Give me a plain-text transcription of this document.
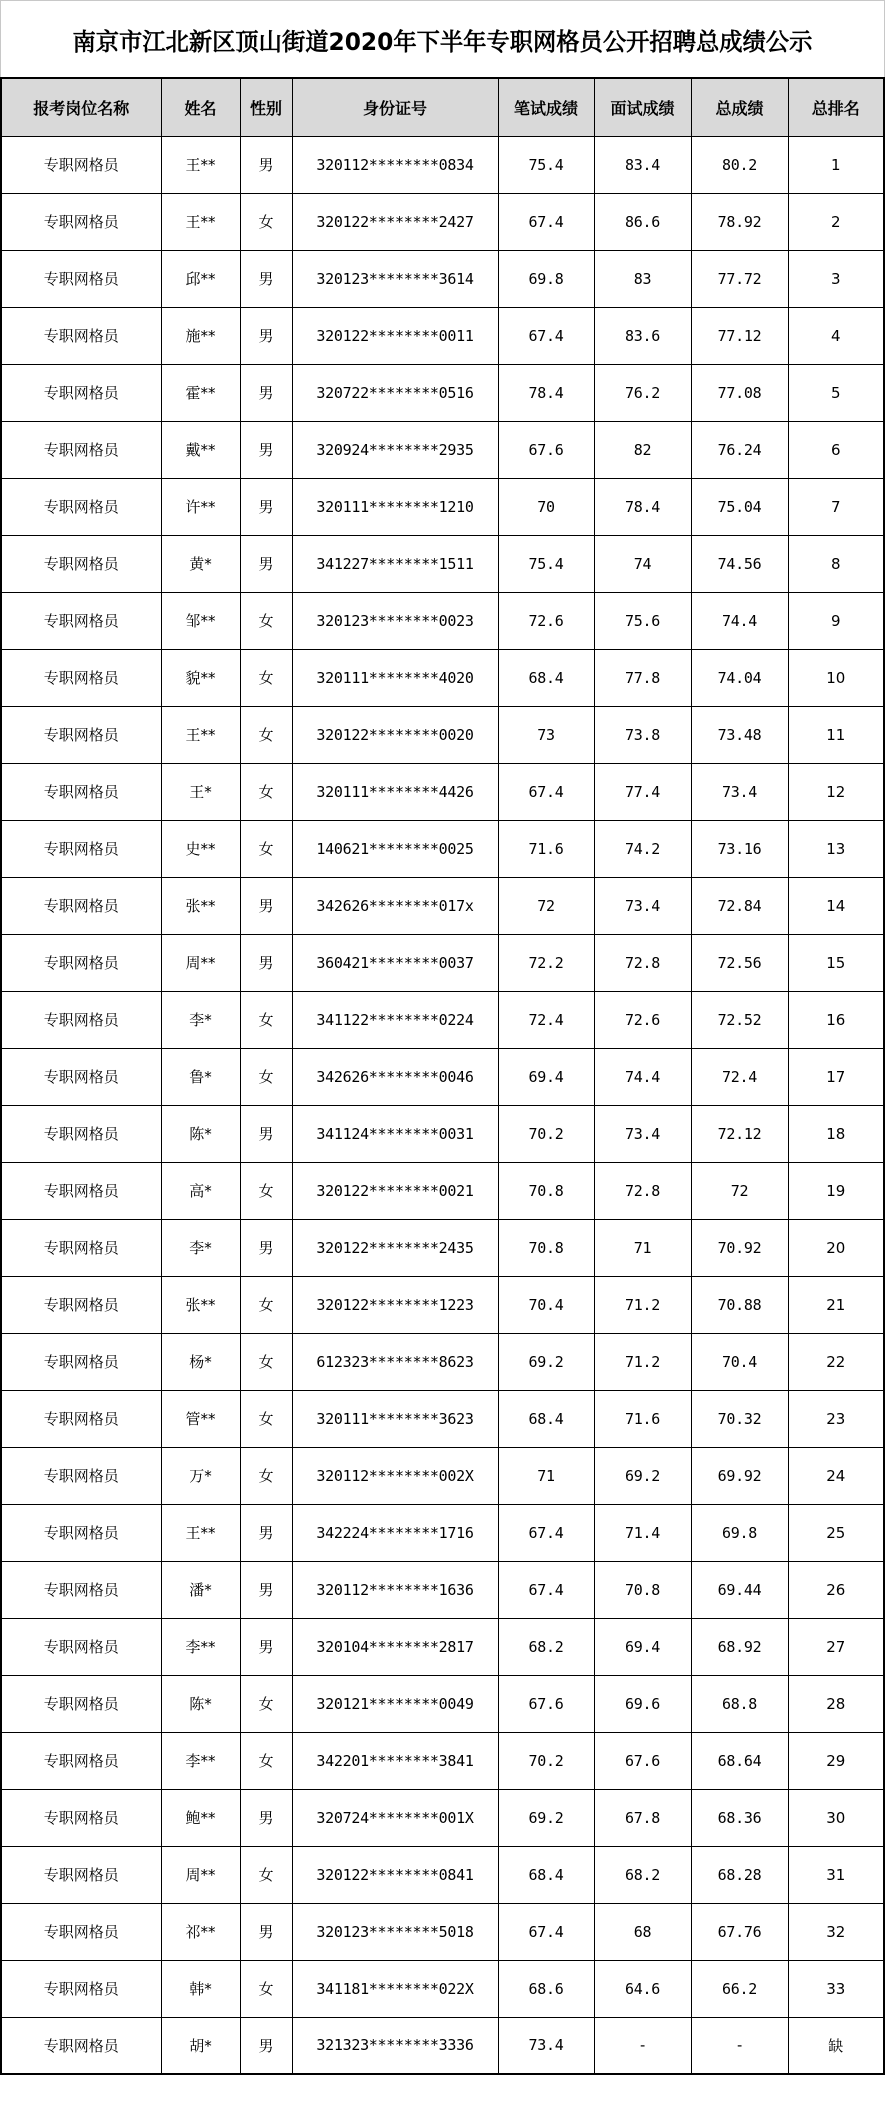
南京市江北新区顶山街道2020年下半年专职网格员公开招聘总成绩公示
报考岗位名称	姓名	性别	身份证号	笔试成绩	面试成绩	总成绩	总排名
专职网格员	王**	男	320112********0834	75.4	83.4	80.2	1
专职网格员	王**	女	320122********2427	67.4	86.6	78.92	2
专职网格员	邱**	男	320123********3614	69.8	83	77.72	3
专职网格员	施**	男	320122********0011	67.4	83.6	77.12	4
专职网格员	霍**	男	320722********0516	78.4	76.2	77.08	5
专职网格员	戴**	男	320924********2935	67.6	82	76.24	6
专职网格员	许**	男	320111********1210	70	78.4	75.04	7
专职网格员	黄*	男	341227********1511	75.4	74	74.56	8
专职网格员	邹**	女	320123********0023	72.6	75.6	74.4	9
专职网格员	貌**	女	320111********4020	68.4	77.8	74.04	10
专职网格员	王**	女	320122********0020	73	73.8	73.48	11
专职网格员	王*	女	320111********4426	67.4	77.4	73.4	12
专职网格员	史**	女	140621********0025	71.6	74.2	73.16	13
专职网格员	张**	男	342626********017x	72	73.4	72.84	14
专职网格员	周**	男	360421********0037	72.2	72.8	72.56	15
专职网格员	李*	女	341122********0224	72.4	72.6	72.52	16
专职网格员	鲁*	女	342626********0046	69.4	74.4	72.4	17
专职网格员	陈*	男	341124********0031	70.2	73.4	72.12	18
专职网格员	高*	女	320122********0021	70.8	72.8	72	19
专职网格员	李*	男	320122********2435	70.8	71	70.92	20
专职网格员	张**	女	320122********1223	70.4	71.2	70.88	21
专职网格员	杨*	女	612323********8623	69.2	71.2	70.4	22
专职网格员	管**	女	320111********3623	68.4	71.6	70.32	23
专职网格员	万*	女	320112********002X	71	69.2	69.92	24
专职网格员	王**	男	342224********1716	67.4	71.4	69.8	25
专职网格员	潘*	男	320112********1636	67.4	70.8	69.44	26
专职网格员	李**	男	320104********2817	68.2	69.4	68.92	27
专职网格员	陈*	女	320121********0049	67.6	69.6	68.8	28
专职网格员	李**	女	342201********3841	70.2	67.6	68.64	29
专职网格员	鲍**	男	320724********001X	69.2	67.8	68.36	30
专职网格员	周**	女	320122********0841	68.4	68.2	68.28	31
专职网格员	祁**	男	320123********5018	67.4	68	67.76	32
专职网格员	韩*	女	341181********022X	68.6	64.6	66.2	33
专职网格员	胡*	男	321323********3336	73.4	-	-	缺
